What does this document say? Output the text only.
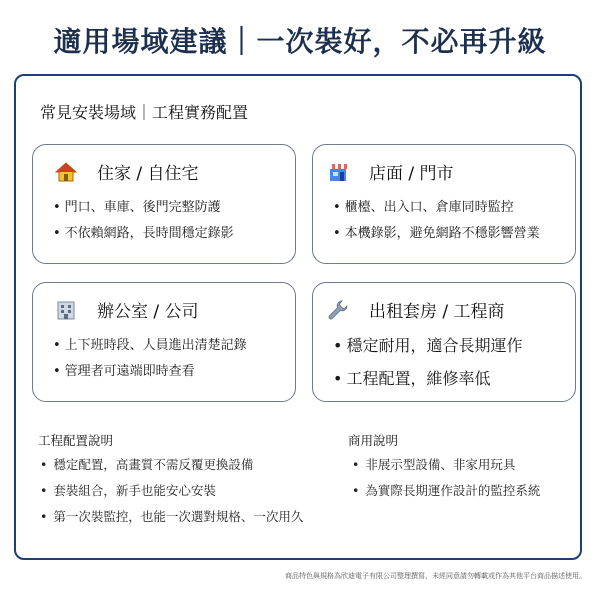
適用場域建議｜一次裝好，不必再升級
常見安裝場域｜工程實務配置
住家 / 自住宅
• 門口、車庫、後門完整防護
• 不依賴網路，長時間穩定錄影
店面 / 門市
• 櫃檯、出入口、倉庫同時監控
• 本機錄影，避免網路不穩影響營業
辦公室 / 公司
• 上下班時段、人員進出清楚記錄
• 管理者可遠端即時查看
出租套房 / 工程商
• 穩定耐用，適合長期運作
• 工程配置，維修率低
工程配置說明
• 穩定配置，高畫質不需反覆更換設備
• 套裝組合，新手也能安心安裝
• 第一次裝監控，也能一次選對規格、一次用久
商用說明
• 非展示型設備、非家用玩具
• 為實際長期運作設計的監控系統
商品特色與規格為欣迪電子有限公司整理撰寫，未經同意請勿轉載或作為其他平台商品描述使用。
